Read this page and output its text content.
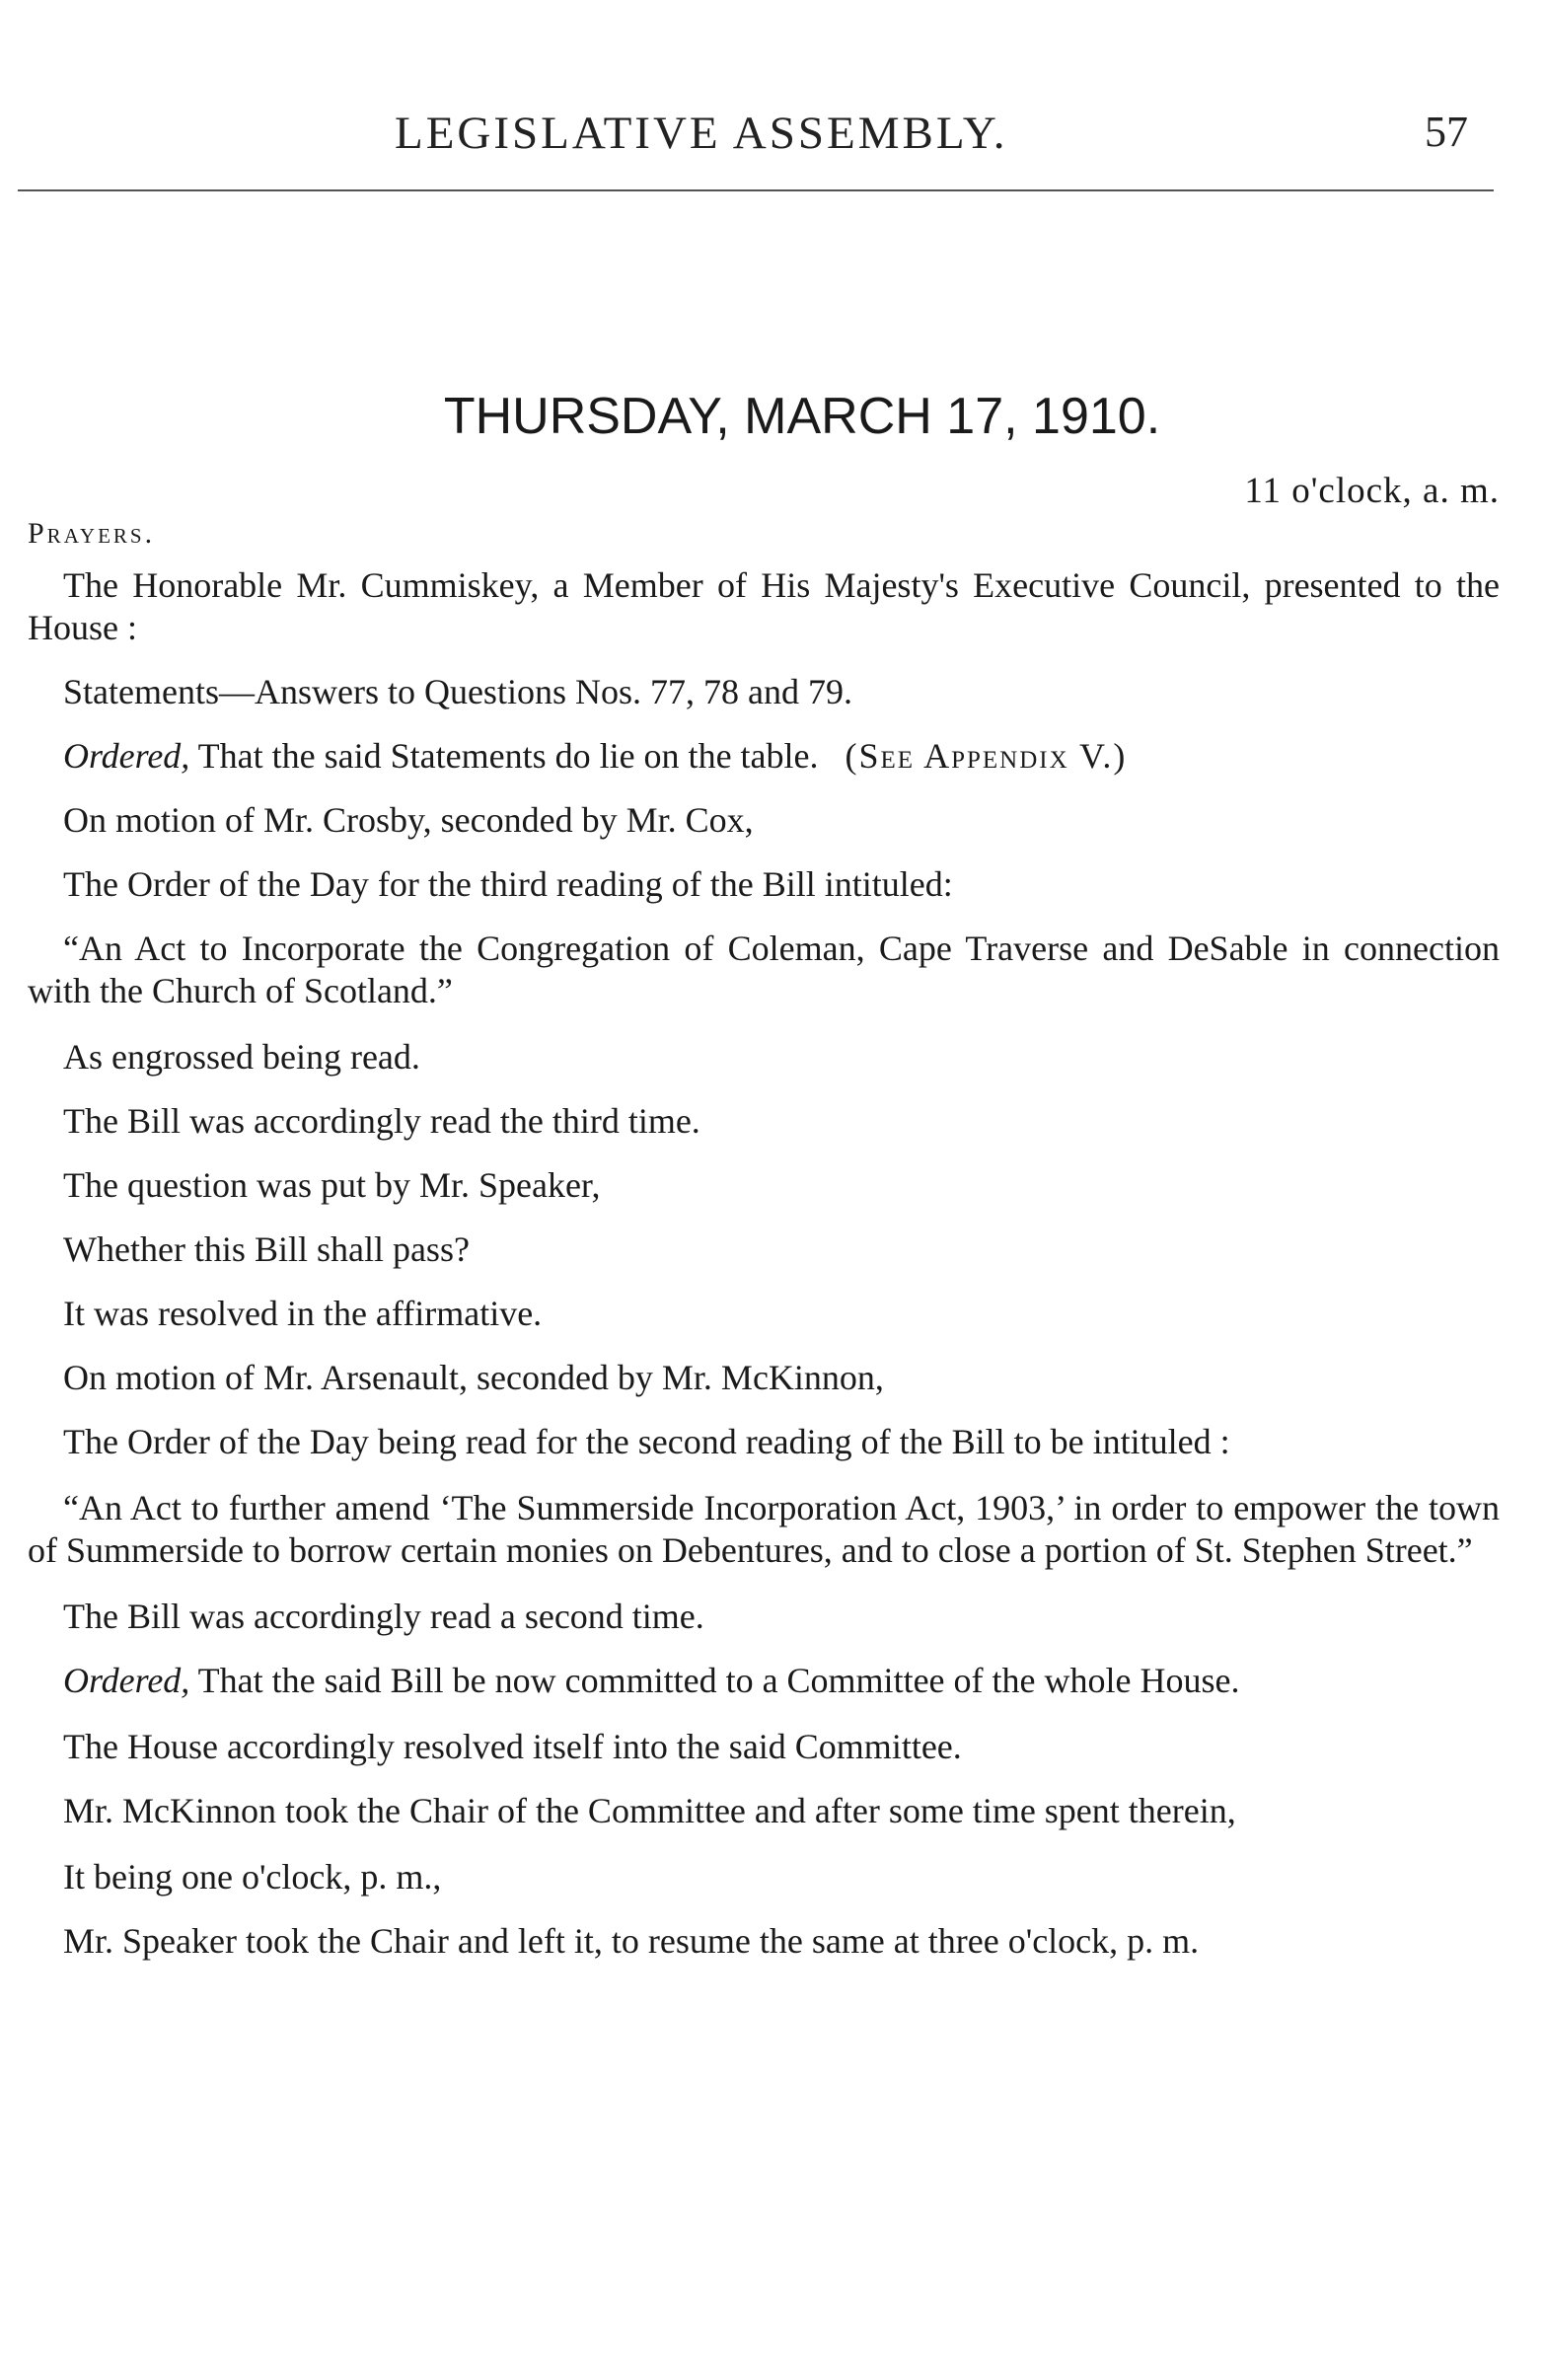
LEGISLATIVE ASSEMBLY.	57
THURSDAY, MARCH 17, 1910.
11 o'clock, a. m.
Prayers.

The Honorable Mr. Cummiskey, a Member of His Majesty's Executive Council, presented to the House :

Statements—Answers to Questions Nos. 77, 78 and 79.

Ordered, That the said Statements do lie on the table. (See Appendix V.)

On motion of Mr. Crosby, seconded by Mr. Cox,

The Order of the Day for the third reading of the Bill intituled:

“An Act to Incorporate the Congregation of Coleman, Cape Traverse and DeSable in connection with the Church of Scotland.”

As engrossed being read.

The Bill was accordingly read the third time.

The question was put by Mr. Speaker,

Whether this Bill shall pass?

It was resolved in the affirmative.

On motion of Mr. Arsenault, seconded by Mr. McKinnon,

The Order of the Day being read for the second reading of the Bill to be intituled :

“An Act to further amend ‘The Summerside Incorporation Act, 1903,’ in order to empower the town of Summerside to borrow certain monies on Debentures, and to close a portion of St. Stephen Street.”

The Bill was accordingly read a second time.

Ordered, That the said Bill be now committed to a Committee of the whole House.

The House accordingly resolved itself into the said Committee.

Mr. McKinnon took the Chair of the Committee and after some time spent therein,

It being one o'clock, p. m.,

Mr. Speaker took the Chair and left it, to resume the same at three o'clock, p. m.
